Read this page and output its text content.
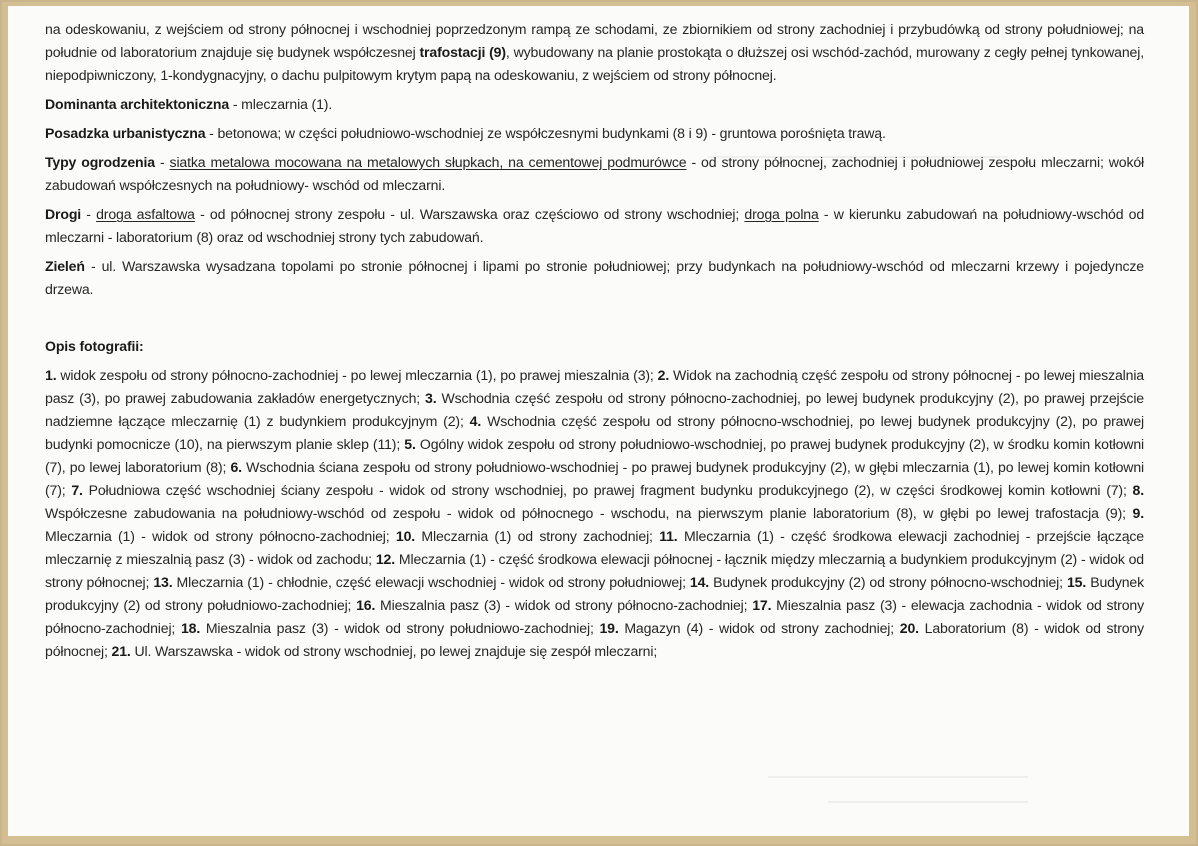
na odeskowaniu, z wejściem od strony północnej i wschodniej poprzedzonym rampą ze schodami, ze zbiornikiem od strony zachodniej i przybudówką od strony południowej; na południe od laboratorium znajduje się budynek współczesnej trafostacji (9), wybudowany na planie prostokąta o dłuższej osi wschód-zachód, murowany z cegły pełnej tynkowanej, niepodpiwniczony, 1-kondygnacyjny, o dachu pulpitowym krytym papą na odeskowaniu, z wejściem od strony północnej.

Dominanta architektoniczna - mleczarnia (1).

Posadzka urbanistyczna - betonowa; w części południowo-wschodniej ze współczesnymi budynkami (8 i 9) - gruntowa porośnięta trawą.

Typy ogrodzenia - siatka metalowa mocowana na metalowych słupkach, na cementowej podmurówce - od strony północnej, zachodniej i południowej zespołu mleczarni; wokół zabudowań współczesnych na południowy- wschód od mleczarni.

Drogi - droga asfaltowa - od północnej strony zespołu - ul. Warszawska oraz częściowo od strony wschodniej; droga polna - w kierunku zabudowań na południowy-wschód od mleczarni - laboratorium (8) oraz od wschodniej strony tych zabudowań.

Zieleń - ul. Warszawska wysadzana topolami po stronie północnej i lipami po stronie południowej; przy budynkach na południowy-wschód od mleczarni krzewy i pojedyncze drzewa.

Opis fotografii:

1. widok zespołu od strony północno-zachodniej - po lewej mleczarnia (1), po prawej mieszalnia (3); 2. Widok na zachodnią część zespołu od strony północnej - po lewej mieszalnia pasz (3), po prawej zabudowania zakładów energetycznych; 3. Wschodnia część zespołu od strony północno-zachodniej, po lewej budynek produkcyjny (2), po prawej przejście nadziemne łączące mleczarnię (1) z budynkiem produkcyjnym (2); 4. Wschodnia część zespołu od strony północno-wschodniej, po lewej budynek produkcyjny (2), po prawej budynki pomocnicze (10), na pierwszym planie sklep (11); 5. Ogólny widok zespołu od strony południowo-wschodniej, po prawej budynek produkcyjny (2), w środku komin kotłowni (7), po lewej laboratorium (8); 6. Wschodnia ściana zespołu od strony południowo-wschodniej - po prawej budynek produkcyjny (2), w głębi mleczarnia (1), po lewej komin kotłowni (7); 7. Południowa część wschodniej ściany zespołu - widok od strony wschodniej, po prawej fragment budynku produkcyjnego (2), w części środkowej komin kotłowni (7); 8. Współczesne zabudowania na południowy-wschód od zespołu - widok od północnego - wschodu, na pierwszym planie laboratorium (8), w głębi po lewej trafostacja (9); 9. Mleczarnia (1) - widok od strony północno-zachodniej; 10. Mleczarnia (1) od strony zachodniej; 11. Mleczarnia (1) - część środkowa elewacji zachodniej - przejście łączące mleczarnię z mieszalnią pasz (3) - widok od zachodu; 12. Mleczarnia (1) - część środkowa elewacji północnej - łącznik między mleczarnią a budynkiem produkcyjnym (2) - widok od strony północnej; 13. Mleczarnia (1) - chłodnie, część elewacji wschodniej - widok od strony południowej; 14. Budynek produkcyjny (2) od strony północno-wschodniej; 15. Budynek produkcyjny (2) od strony południowo-zachodniej; 16. Mieszalnia pasz (3) - widok od strony północno-zachodniej; 17. Mieszalnia pasz (3) - elewacja zachodnia - widok od strony północno-zachodniej; 18. Mieszalnia pasz (3) - widok od strony południowo-zachodniej; 19. Magazyn (4) - widok od strony zachodniej; 20. Laboratorium (8) - widok od strony północnej; 21. Ul. Warszawska - widok od strony wschodniej, po lewej znajduje się zespół mleczarni;
